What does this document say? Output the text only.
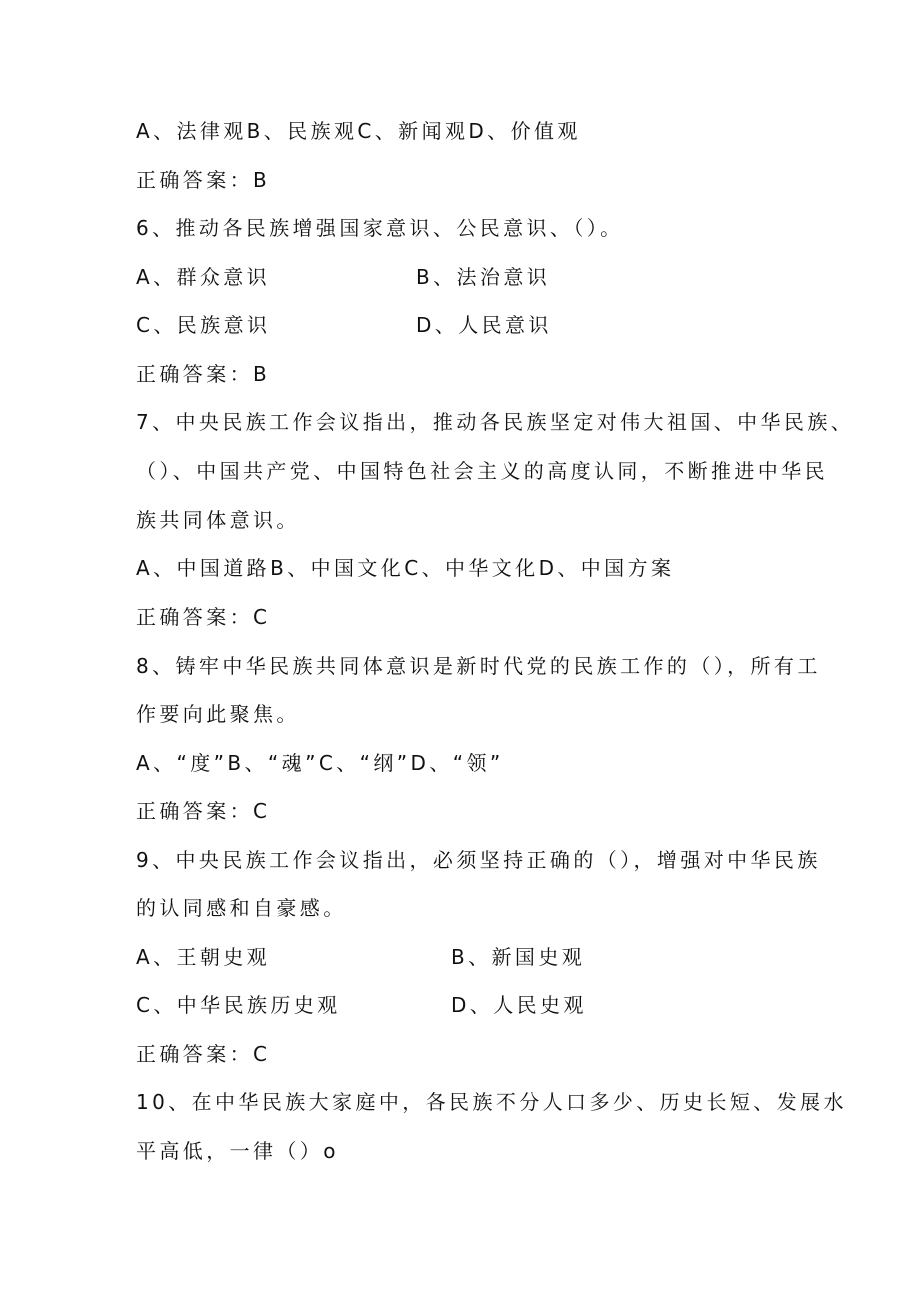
A、法律观B、民族观C、新闻观D、价值观
正确答案：B
6、推动各民族增强国家意识、公民意识、（）。
A、群众意识	B、法治意识
C、民族意识	D、人民意识
正确答案：B
7、中央民族工作会议指出，推动各民族坚定对伟大祖国、中华民族、
（）、中国共产党、中国特色社会主义的高度认同，不断推进中华民
族共同体意识。
A、中国道路B、中国文化C、中华文化D、中国方案
正确答案：C
8、铸牢中华民族共同体意识是新时代党的民族工作的（），所有工
作要向此聚焦。
A、“度”B、“魂”C、“纲”D、“领”
正确答案：C
9、中央民族工作会议指出，必须坚持正确的（），增强对中华民族
的认同感和自豪感。
A、王朝史观	B、新国史观
C、中华民族历史观	D、人民史观
正确答案：C
10、在中华民族大家庭中，各民族不分人口多少、历史长短、发展水
平高低，一律（）o
